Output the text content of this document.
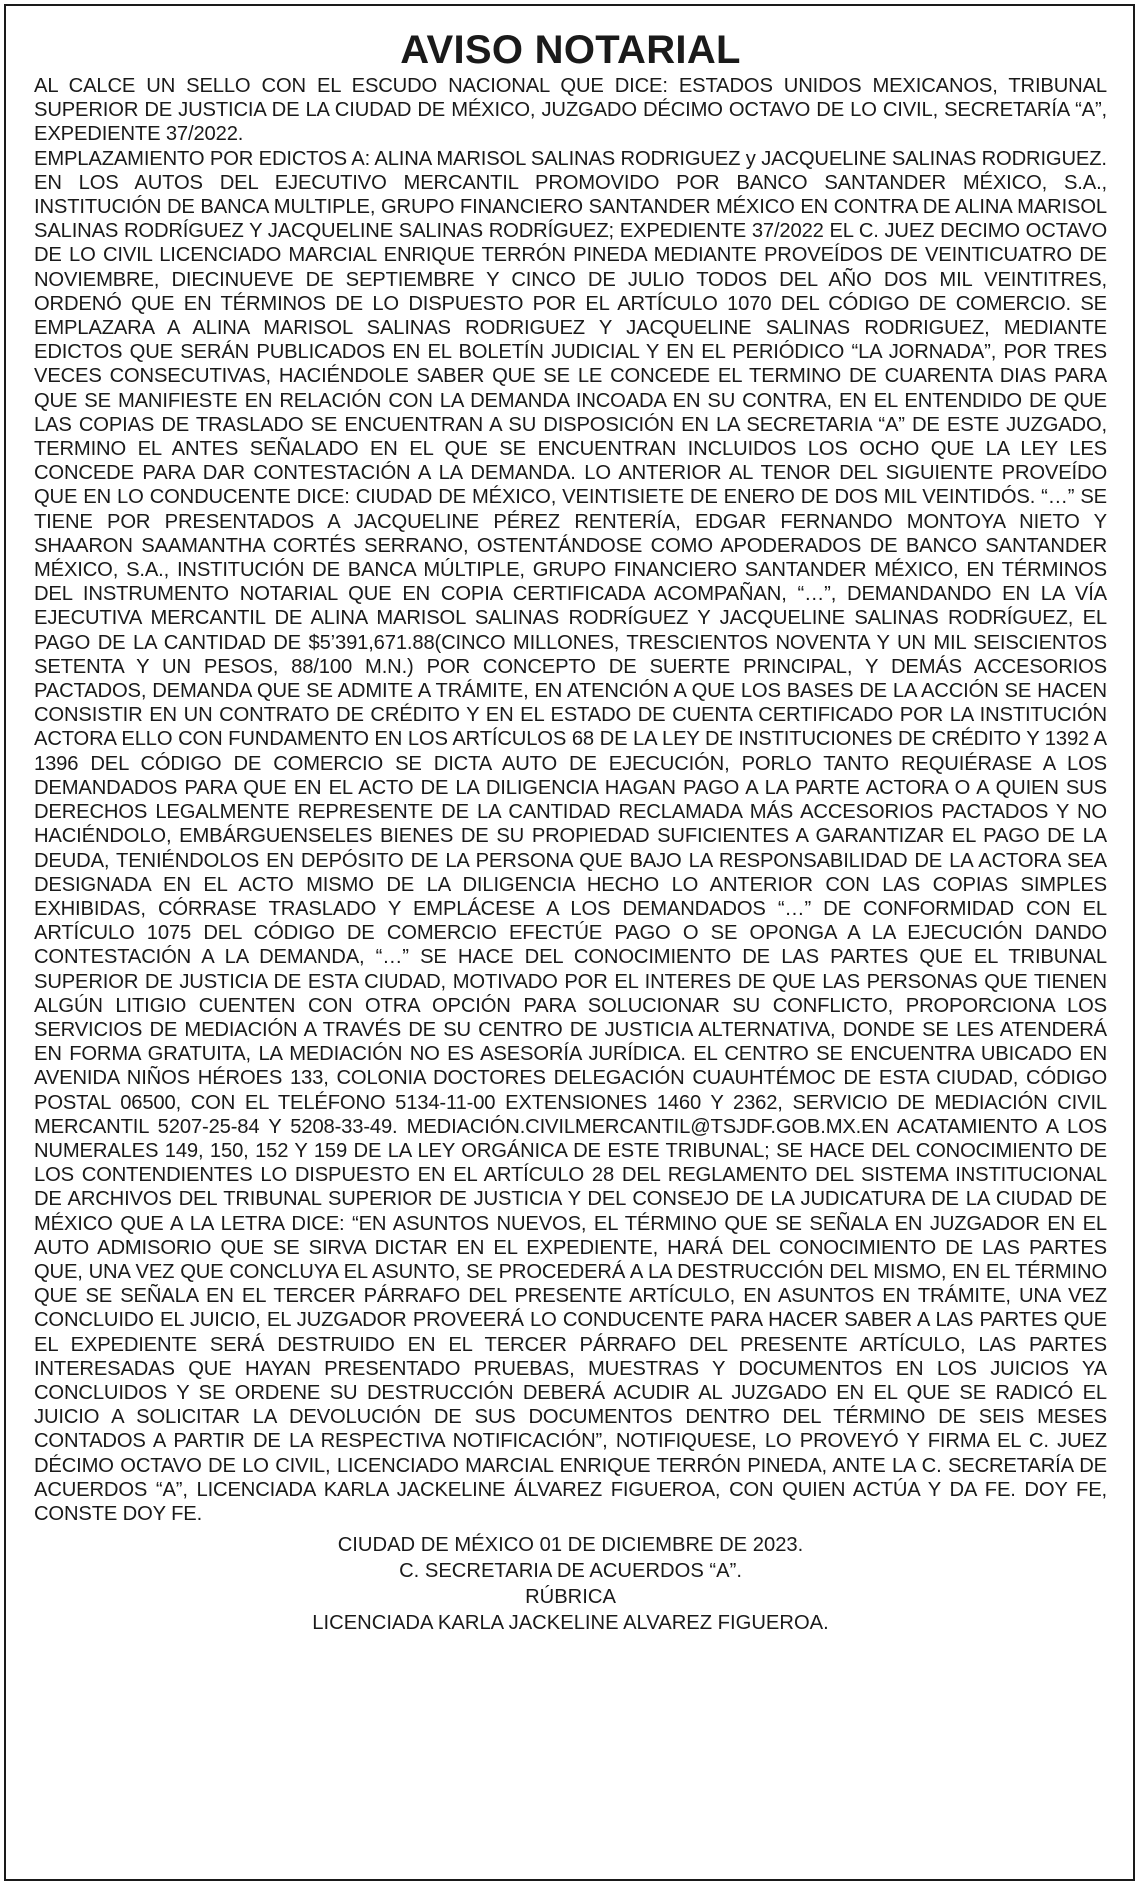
AVISO NOTARIAL

AL CALCE UN SELLO CON EL ESCUDO NACIONAL QUE DICE: ESTADOS UNIDOS MEXICANOS, TRIBUNAL SUPERIOR DE JUSTICIA DE LA CIUDAD DE MÉXICO, JUZGADO DÉCIMO OCTAVO DE LO CIVIL, SECRETARÍA “A”, EXPEDIENTE 37/2022.

EMPLAZAMIENTO POR EDICTOS A: ALINA MARISOL SALINAS RODRIGUEZ y JACQUELINE SALINAS RODRIGUEZ.

EN LOS AUTOS DEL EJECUTIVO MERCANTIL PROMOVIDO POR BANCO SANTANDER MÉXICO, S.A., INSTITUCIÓN DE BANCA MULTIPLE, GRUPO FINANCIERO SANTANDER MÉXICO EN CONTRA DE ALINA MARISOL SALINAS RODRÍGUEZ Y JACQUELINE SALINAS RODRÍGUEZ; EXPEDIENTE 37/2022 EL C. JUEZ DECIMO OCTAVO DE LO CIVIL LICENCIADO MARCIAL ENRIQUE TERRÓN PINEDA MEDIANTE PROVEÍDOS DE VEINTICUATRO DE NOVIEMBRE, DIECINUEVE DE SEPTIEMBRE Y CINCO DE JULIO TODOS DEL AÑO DOS MIL VEINTITRES, ORDENÓ QUE EN TÉRMINOS DE LO DISPUESTO POR EL ARTÍCULO 1070 DEL CÓDIGO DE COMERCIO. SE EMPLAZARA A ALINA MARISOL SALINAS RODRIGUEZ Y JACQUELINE SALINAS RODRIGUEZ, MEDIANTE EDICTOS QUE SERÁN PUBLICADOS EN EL BOLETÍN JUDICIAL Y EN EL PERIÓDICO “LA JORNADA”, POR TRES VECES CONSECUTIVAS, HACIÉNDOLE SABER QUE SE LE CONCEDE EL TERMINO DE CUARENTA DIAS PARA QUE SE MANIFIESTE EN RELACIÓN CON LA DEMANDA INCOADA EN SU CONTRA, EN EL ENTENDIDO DE QUE LAS COPIAS DE TRASLADO SE ENCUENTRAN A SU DISPOSICIÓN EN LA SECRETARIA “A” DE ESTE JUZGADO, TERMINO EL ANTES SEÑALADO EN EL QUE SE ENCUENTRAN INCLUIDOS LOS OCHO QUE LA LEY LES CONCEDE PARA DAR CONTESTACIÓN A LA DEMANDA. LO ANTERIOR AL TENOR DEL SIGUIENTE PROVEÍDO QUE EN LO CONDUCENTE DICE: CIUDAD DE MÉXICO, VEINTISIETE DE ENERO DE DOS MIL VEINTIDÓS. “…” SE TIENE POR PRESENTADOS A JACQUELINE PÉREZ RENTERÍA, EDGAR FERNANDO MONTOYA NIETO Y SHAARON SAAMANTHA CORTÉS SERRANO, OSTENTÁNDOSE COMO APODERADOS DE BANCO SANTANDER MÉXICO, S.A., INSTITUCIÓN DE BANCA MÚLTIPLE, GRUPO FINANCIERO SANTANDER MÉXICO, EN TÉRMINOS DEL INSTRUMENTO NOTARIAL QUE EN COPIA CERTIFICADA ACOMPAÑAN, “…”, DEMANDANDO EN LA VÍA EJECUTIVA MERCANTIL DE ALINA MARISOL SALINAS RODRÍGUEZ Y JACQUELINE SALINAS RODRÍGUEZ, EL PAGO DE LA CANTIDAD DE $5’391,671.88(CINCO MILLONES, TRESCIENTOS NOVENTA Y UN MIL SEISCIENTOS SETENTA Y UN PESOS, 88/100 M.N.) POR CONCEPTO DE SUERTE PRINCIPAL, Y DEMÁS ACCESORIOS PACTADOS, DEMANDA QUE SE ADMITE A TRÁMITE, EN ATENCIÓN A QUE LOS BASES DE LA ACCIÓN SE HACEN CONSISTIR EN UN CONTRATO DE CRÉDITO Y EN EL ESTADO DE CUENTA CERTIFICADO POR LA INSTITUCIÓN ACTORA ELLO CON FUNDAMENTO EN LOS ARTÍCULOS 68 DE LA LEY DE INSTITUCIONES DE CRÉDITO Y 1392 A 1396 DEL CÓDIGO DE COMERCIO SE DICTA AUTO DE EJECUCIÓN, PORLO TANTO REQUIÉRASE A LOS DEMANDADOS PARA QUE EN EL ACTO DE LA DILIGENCIA HAGAN PAGO A LA PARTE ACTORA O A QUIEN SUS DERECHOS LEGALMENTE REPRESENTE DE LA CANTIDAD RECLAMADA MÁS ACCESORIOS PACTADOS Y NO HACIÉNDOLO, EMBÁRGUENSELES BIENES DE SU PROPIEDAD SUFICIENTES A GARANTIZAR EL PAGO DE LA DEUDA, TENIÉNDOLOS EN DEPÓSITO DE LA PERSONA QUE BAJO LA RESPONSABILIDAD DE LA ACTORA SEA DESIGNADA EN EL ACTO MISMO DE LA DILIGENCIA HECHO LO ANTERIOR CON LAS COPIAS SIMPLES EXHIBIDAS, CÓRRASE TRASLADO Y EMPLÁCESE A LOS DEMANDADOS “…” DE CONFORMIDAD CON EL ARTÍCULO 1075 DEL CÓDIGO DE COMERCIO EFECTÚE PAGO O SE OPONGA A LA EJECUCIÓN DANDO CONTESTACIÓN A LA DEMANDA, “…” SE HACE DEL CONOCIMIENTO DE LAS PARTES QUE EL TRIBUNAL SUPERIOR DE JUSTICIA DE ESTA CIUDAD, MOTIVADO POR EL INTERES DE QUE LAS PERSONAS QUE TIENEN ALGÚN LITIGIO CUENTEN CON OTRA OPCIÓN PARA SOLUCIONAR SU CONFLICTO, PROPORCIONA LOS SERVICIOS DE MEDIACIÓN A TRAVÉS DE SU CENTRO DE JUSTICIA ALTERNATIVA, DONDE SE LES ATENDERÁ EN FORMA GRATUITA, LA MEDIACIÓN NO ES ASESORÍA JURÍDICA. EL CENTRO SE ENCUENTRA UBICADO EN AVENIDA NIÑOS HÉROES 133, COLONIA DOCTORES DELEGACIÓN CUAUHTÉMOC DE ESTA CIUDAD, CÓDIGO POSTAL 06500, CON EL TELÉFONO 5134-11-00 EXTENSIONES 1460 Y 2362, SERVICIO DE MEDIACIÓN CIVIL MERCANTIL 5207-25-84 Y 5208-33-49. MEDIACIÓN.CIVILMERCANTIL@TSJDF.GOB.MX.EN ACATAMIENTO A LOS NUMERALES 149, 150, 152 Y 159 DE LA LEY ORGÁNICA DE ESTE TRIBUNAL; SE HACE DEL CONOCIMIENTO DE LOS CONTENDIENTES LO DISPUESTO EN EL ARTÍCULO 28 DEL REGLAMENTO DEL SISTEMA INSTITUCIONAL DE ARCHIVOS DEL TRIBUNAL SUPERIOR DE JUSTICIA Y DEL CONSEJO DE LA JUDICATURA DE LA CIUDAD DE MÉXICO QUE A LA LETRA DICE: “EN ASUNTOS NUEVOS, EL TÉRMINO QUE SE SEÑALA EN JUZGADOR EN EL AUTO ADMISORIO QUE SE SIRVA DICTAR EN EL EXPEDIENTE, HARÁ DEL CONOCIMIENTO DE LAS PARTES QUE, UNA VEZ QUE CONCLUYA EL ASUNTO, SE PROCEDERÁ A LA DESTRUCCIÓN DEL MISMO, EN EL TÉRMINO QUE SE SEÑALA EN EL TERCER PÁRRAFO DEL PRESENTE ARTÍCULO, EN ASUNTOS EN TRÁMITE, UNA VEZ CONCLUIDO EL JUICIO, EL JUZGADOR PROVEERÁ LO CONDUCENTE PARA HACER SABER A LAS PARTES QUE EL EXPEDIENTE SERÁ DESTRUIDO EN EL TERCER PÁRRAFO DEL PRESENTE ARTÍCULO, LAS PARTES INTERESADAS QUE HAYAN PRESENTADO PRUEBAS, MUESTRAS Y DOCUMENTOS EN LOS JUICIOS YA CONCLUIDOS Y SE ORDENE SU DESTRUCCIÓN DEBERÁ ACUDIR AL JUZGADO EN EL QUE SE RADICÓ EL JUICIO A SOLICITAR LA DEVOLUCIÓN DE SUS DOCUMENTOS DENTRO DEL TÉRMINO DE SEIS MESES CONTADOS A PARTIR DE LA RESPECTIVA NOTIFICACIÓN”, NOTIFIQUESE, LO PROVEYÓ Y FIRMA EL C. JUEZ DÉCIMO OCTAVO DE LO CIVIL, LICENCIADO MARCIAL ENRIQUE TERRÓN PINEDA, ANTE LA C. SECRETARÍA DE ACUERDOS “A”, LICENCIADA KARLA JACKELINE ÁLVAREZ FIGUEROA, CON QUIEN ACTÚA Y DA FE. DOY FE, CONSTE DOY FE.

CIUDAD DE MÉXICO 01 DE DICIEMBRE DE 2023.
C. SECRETARIA DE ACUERDOS “A”.
RÚBRICA
LICENCIADA KARLA JACKELINE ALVAREZ FIGUEROA.
